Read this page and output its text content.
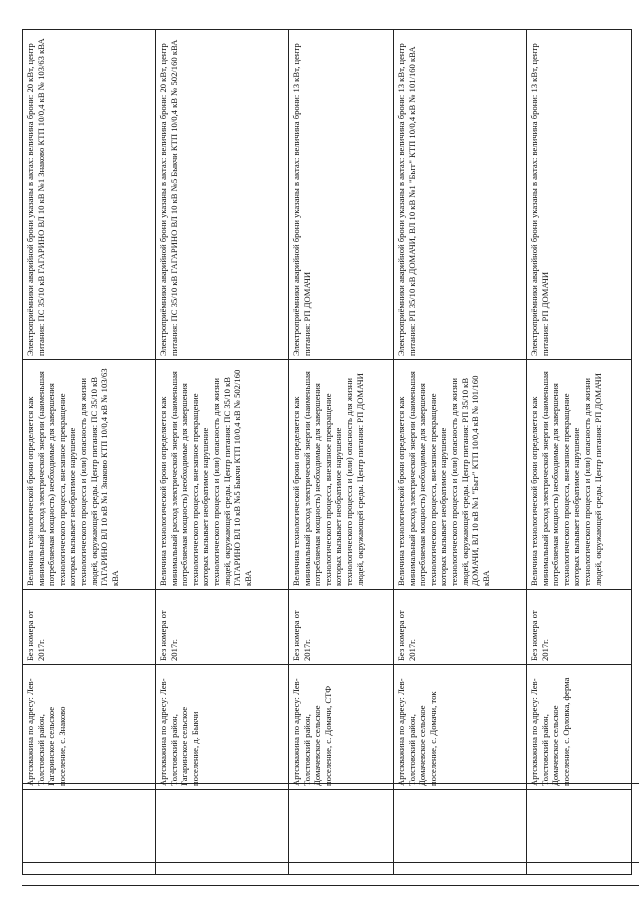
	Артскважина по адресу: Лев-Толстовский район, Гагаринское сельское поселение, с. Знаково	Без номера от 2017г.	Величина технологической брони определяется как минимальный расход электрической энергии (наименьшая потребляемая мощность) необходимые для завершения технологического процесса, внезапное прекращение которых вызывает необратимое нарушение технологического процесса и (или) опасность для жизни людей, окружающей среды. Центр питания: ПС 35/10 кВ ГАГАРИНО ВЛ 10 кВ №1 Знаково КТП 10/0,4 кВ № 103/63 кВА	Электроприёмники аварийной брони указаны в актах: величина брони: 20 кВт, центр питания: ПС 35/10 кВ ГАГАРИНО ВЛ 10 кВ №1 Знаково КТП 10/0,4 кВ № 103/63 кВА
	Артскважина по адресу: Лев-Толстовский район, Гагаринское сельское поселение, д. Быкчи	Без номера от 2017г.	Величина технологической брони определяется как минимальный расход электрической энергии (наименьшая потребляемая мощность) необходимые для завершения технологического процесса, внезапное прекращение которых вызывает необратимое нарушение технологического процесса и (или) опасность для жизни людей, окружающей среды. Центр питания: ПС 35/10 кВ ГАГАРИНО ВЛ 10 кВ №5 Быкчи КТП 10/0,4 кВ № 502/160 кВА	Электроприёмники аварийной брони указаны в актах: величина брони: 20 кВт, центр питания: ПС 35/10 кВ ГАГАРИНО ВЛ 10 кВ №5 Быкчи КТП 10/0,4 кВ № 502/160 кВА
	Артскважина по адресу: Лев-Толстовский район, Домачевское сельское поселение, с. Домачи, СТФ	Без номера от 2017г.	Величина технологической брони определяется как минимальный расход электрической энергии (наименьшая потребляемая мощность) необходимые для завершения технологического процесса, внезапное прекращение которых вызывает необратимое нарушение технологического процесса и (или) опасность для жизни людей, окружающей среды. Центр питания: РП ДОМАЧИ	Электроприёмники аварийной брони указаны в актах: величина брони: 13 кВт, центр питания: РП ДОМАЧИ
	Артскважина по адресу: Лев-Толстовский район, Домачевское сельское поселение, с. Домачи, ток	Без номера от 2017г.	Величина технологической брони определяется как минимальный расход электрической энергии (наименьшая потребляемая мощность) необходимые для завершения технологического процесса, внезапное прекращение которых вызывает необратимое нарушение технологического процесса и (или) опасность для жизни людей, окружающей среды. Центр питания: РП 35/10 кВ ДОМАЧИ, ВЛ 10 кВ №1 "Бьгг" КТП 10/0,4 кВ № 101/160 кВА	Электроприёмники аварийной брони указаны в актах: величина брони: 13 кВт, центр питания: РП 35/10 кВ ДОМАЧИ, ВЛ 10 кВ №1 "Бьгг" КТП 10/0,4 кВ № 101/160 кВА
	Артскважина по адресу: Лев-Толстовский район, Домачевское сельское поселение, с. Орловка, ферма	Без номера от 2017г.	Величина технологической брони определяется как минимальный расход электрической энергии (наименьшая потребляемая мощность) необходимые для завершения технологического процесса, внезапное прекращение которых вызывает необратимое нарушение технологического процесса и (или) опасность для жизни людей, окружающей среды. Центр питания: РП ДОМАЧИ	Электроприёмники аварийной брони указаны в актах: величина брони: 13 кВт, центр питания: РП ДОМАЧИ
